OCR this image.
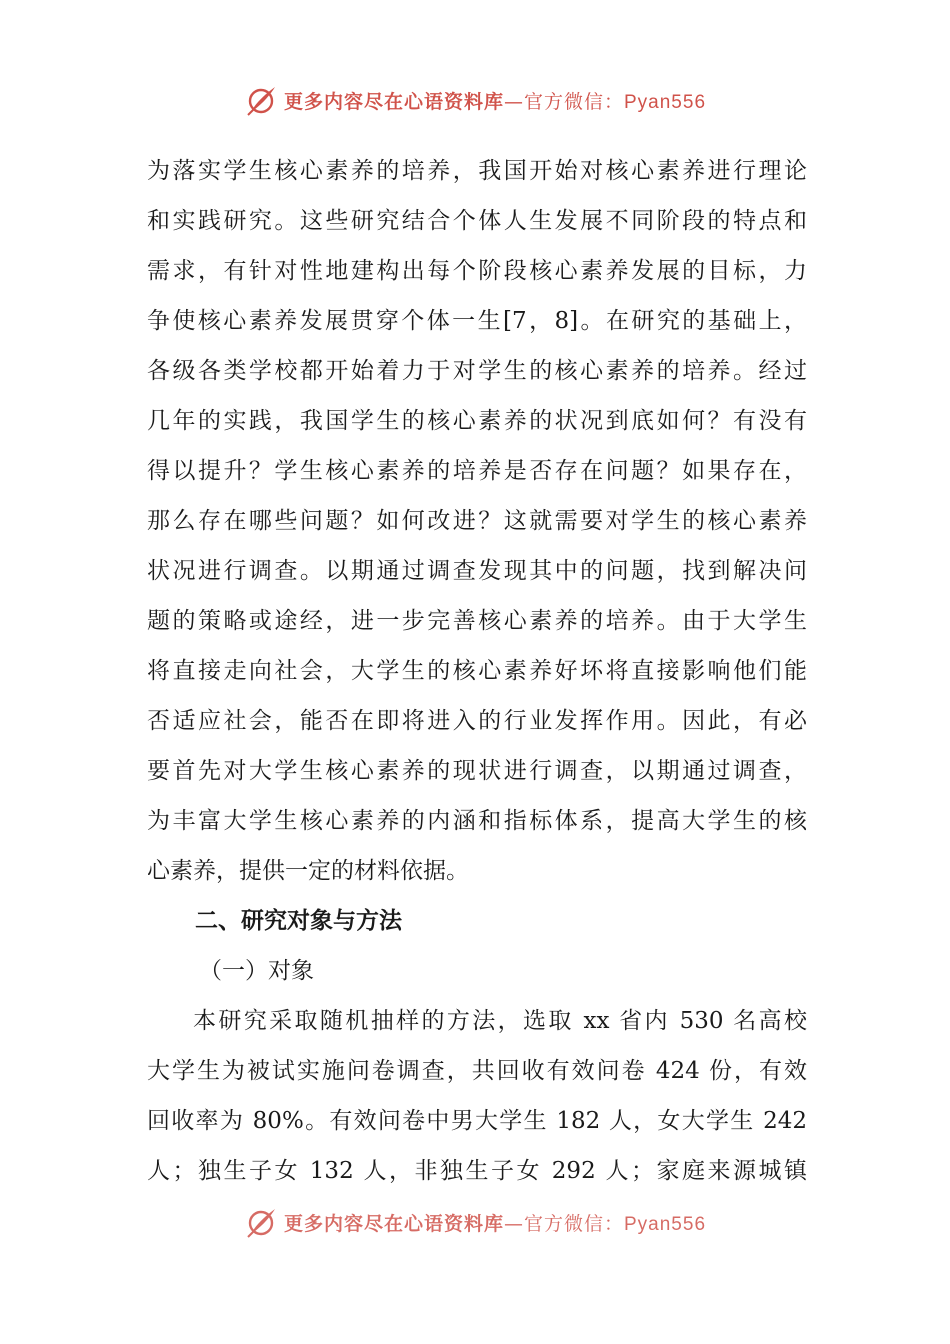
更多内容尽在心语资料库—官方微信：Pyan556
为落实学生核心素养的培养，我国开始对核心素养进行理论
和实践研究。这些研究结合个体人生发展不同阶段的特点和
需求，有针对性地建构出每个阶段核心素养发展的目标，力
争使核心素养发展贯穿个体一生[7，8]。在研究的基础上，
各级各类学校都开始着力于对学生的核心素养的培养。经过
几年的实践，我国学生的核心素养的状况到底如何？有没有
得以提升？学生核心素养的培养是否存在问题？如果存在，
那么存在哪些问题？如何改进？这就需要对学生的核心素养
状况进行调查。以期通过调查发现其中的问题，找到解决问
题的策略或途经，进一步完善核心素养的培养。由于大学生
将直接走向社会，大学生的核心素养好坏将直接影响他们能
否适应社会，能否在即将进入的行业发挥作用。因此，有必
要首先对大学生核心素养的现状进行调查，以期通过调查，
为丰富大学生核心素养的内涵和指标体系，提高大学生的核
心素养，提供一定的材料依据。
二、研究对象与方法
（一）对象
本研究采取随机抽样的方法，选取 xx 省内 530 名高校
大学生为被试实施问卷调查，共回收有效问卷 424 份，有效
回收率为 80%。有效问卷中男大学生 182 人，女大学生 242
人；独生子女 132 人，非独生子女 292 人；家庭来源城镇
更多内容尽在心语资料库—官方微信：Pyan556
